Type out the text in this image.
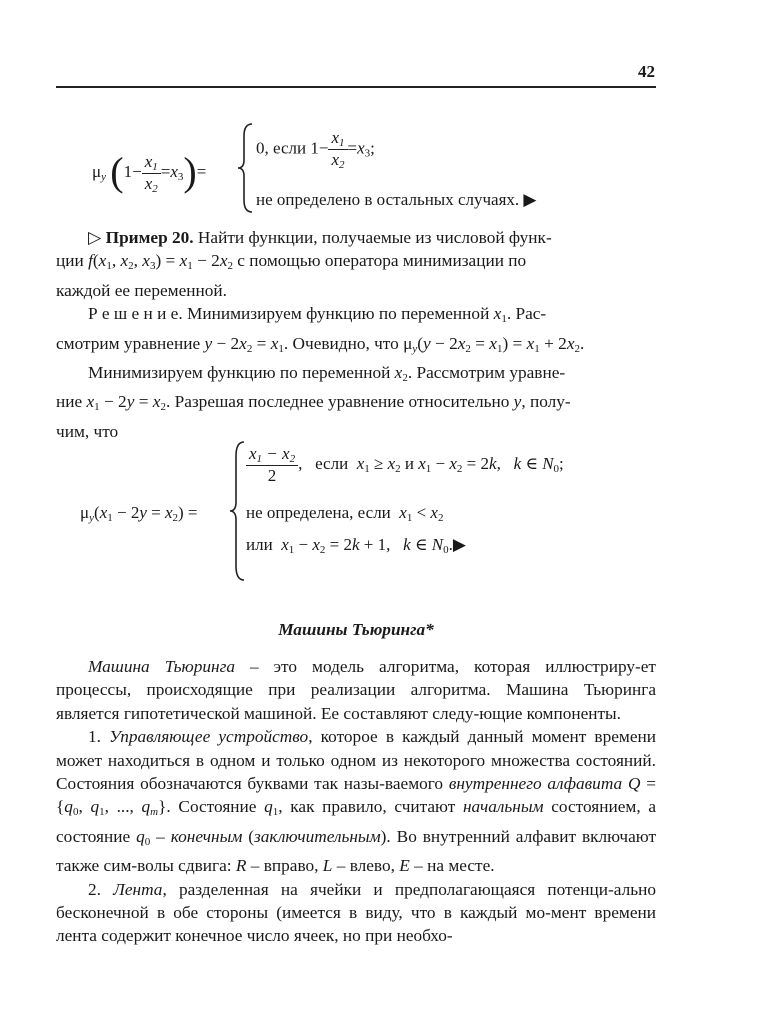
42
$\mu_y$ $(1- \frac{x_1}{x_2} =x_3)=$
0, если $1- \frac{x_1}{x_2} =x_3$;
не определено в остальных случаях. ▶

▷ Пример 20. Найти функции, получаемые из числовой функ-

ции $f(x_1$, $x_2$, $x_3) = x_1 - 2x_2$ с помощью оператора минимизации по

каждой ее переменной.

Р е ш е н и е. Минимизируем функцию по переменной $x_1$. Рас-

смотрим уравнение $y - 2x_2 = x_1$. Очевидно, что $\mu_y(y - 2x_2 = x_1) = x_1 + 2x_2$.

Минимизируем функцию по переменной $x_2$. Рассмотрим уравне-

ние $x_1 - 2y = x_2$. Разрешая последнее уравнение относительно y, полу-

чим, что

$\mu_y(x_1 - 2y = x_2)$ =
$\frac{x_1 - x_2}{2}$ ,   если $x_1 \ge x_2$ и $x_1 - x_2 = 2k$,   k ∈ $N_0$;
не определена, если $x_1 < x_2$
или $x_1 - x_2 = 2k + 1$,   k ∈ $N_0.▶$
Машины Тьюринга*

Машина Тьюринга – это модель алгоритма, которая иллюстриру-ет процессы, происходящие при реализации алгоритма. Машина Тьюринга является гипотетической машиной. Ее составляют следу-ющие компоненты.

1. Управляющее устройство, которое в каждый данный момент времени может находиться в одном и только одном из некоторого множества состояний. Состояния обозначаются буквами так назы-ваемого внутреннего алфавита $Q = \{q_0$, $q_1$, ..., $q_m$}. Состояние $q_1$, как правило, считают начальным состоянием, а состояние $q_0$ – конечным (заключительным). Во внутренний алфавит включают также сим-волы сдвига: R – вправо, L – влево, E – на месте.

2. Лента, разделенная на ячейки и предполагающаяся потенци-ально бесконечной в обе стороны (имеется в виду, что в каждый мо-мент времени лента содержит конечное число ячеек, но при необхо-
